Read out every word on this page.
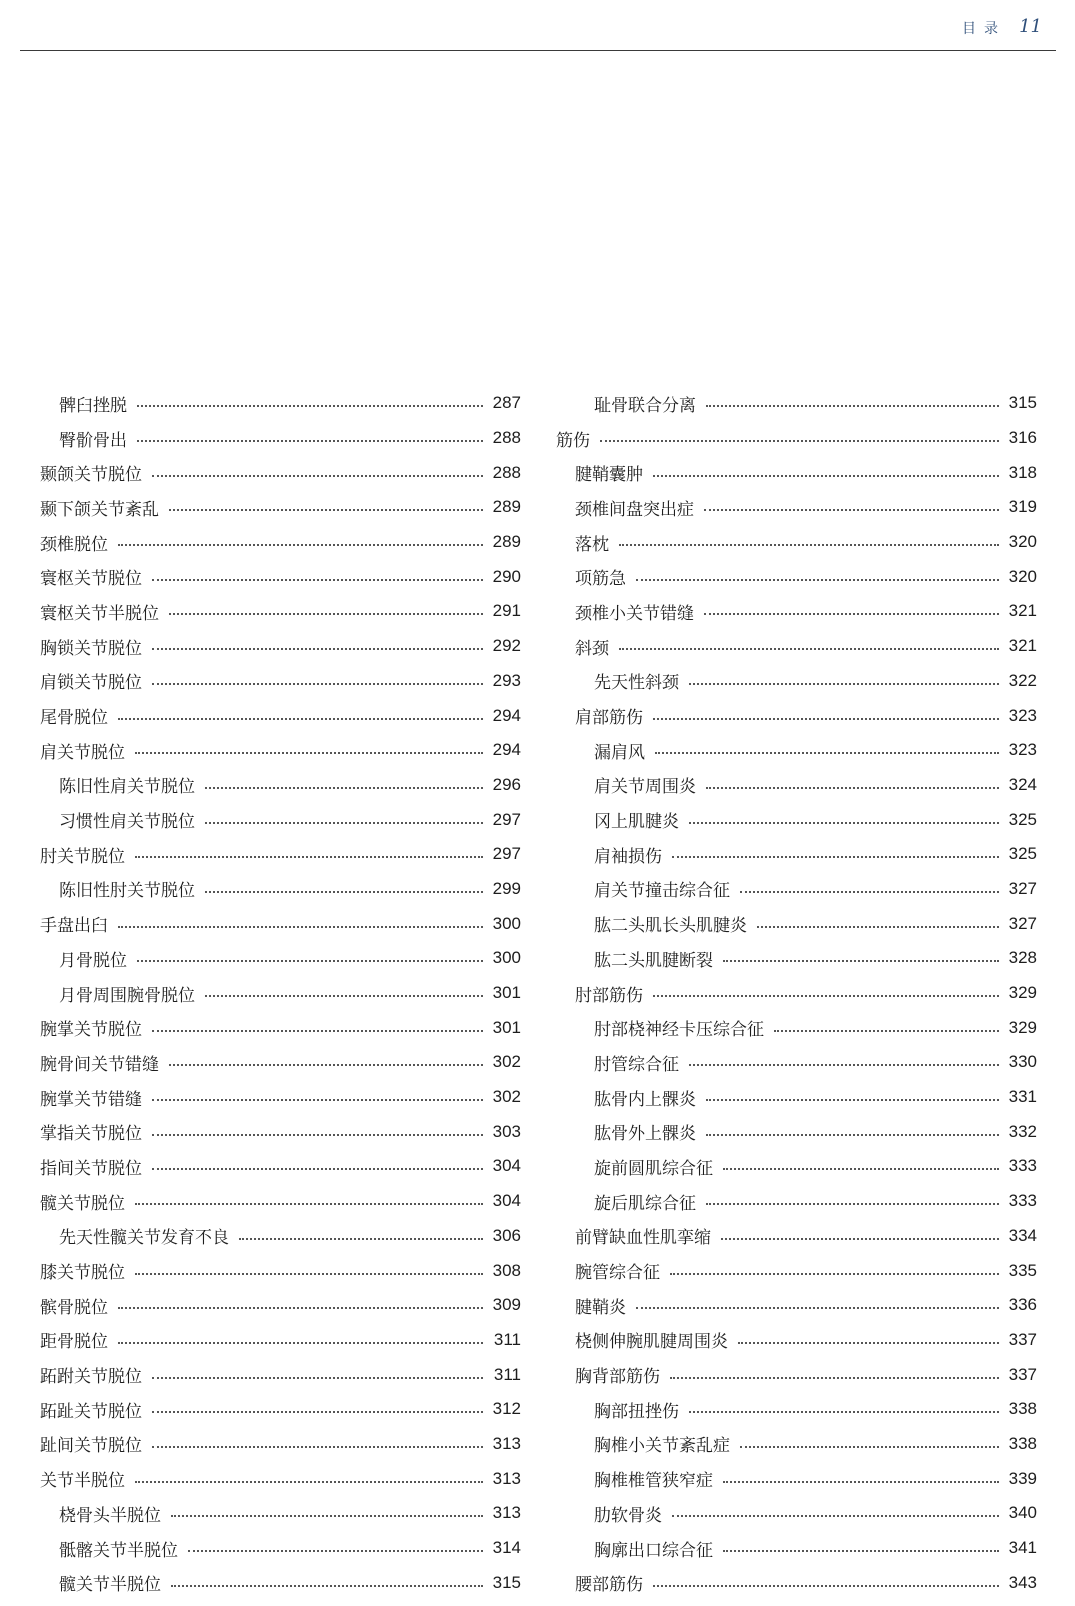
目录 11
髀臼挫脱	287
臀骱骨出	288
颞颌关节脱位	288
颞下颌关节紊乱	289
颈椎脱位	289
寰枢关节脱位	290
寰枢关节半脱位	291
胸锁关节脱位	292
肩锁关节脱位	293
尾骨脱位	294
肩关节脱位	294
陈旧性肩关节脱位	296
习惯性肩关节脱位	297
肘关节脱位	297
陈旧性肘关节脱位	299
手盘出臼	300
月骨脱位	300
月骨周围腕骨脱位	301
腕掌关节脱位	301
腕骨间关节错缝	302
腕掌关节错缝	302
掌指关节脱位	303
指间关节脱位	304
髋关节脱位	304
先天性髋关节发育不良	306
膝关节脱位	308
髌骨脱位	309
距骨脱位	311
跖跗关节脱位	311
跖趾关节脱位	312
趾间关节脱位	313
关节半脱位	313
桡骨头半脱位	313
骶髂关节半脱位	314
髋关节半脱位	315
耻骨联合分离	315
筋伤	316
腱鞘囊肿	318
颈椎间盘突出症	319
落枕	320
项筋急	320
颈椎小关节错缝	321
斜颈	321
先天性斜颈	322
肩部筋伤	323
漏肩风	323
肩关节周围炎	324
冈上肌腱炎	325
肩袖损伤	325
肩关节撞击综合征	327
肱二头肌长头肌腱炎	327
肱二头肌腱断裂	328
肘部筋伤	329
肘部桡神经卡压综合征	329
肘管综合征	330
肱骨内上髁炎	331
肱骨外上髁炎	332
旋前圆肌综合征	333
旋后肌综合征	333
前臂缺血性肌挛缩	334
腕管综合征	335
腱鞘炎	336
桡侧伸腕肌腱周围炎	337
胸背部筋伤	337
胸部扭挫伤	338
胸椎小关节紊乱症	338
胸椎椎管狭窄症	339
肋软骨炎	340
胸廓出口综合征	341
腰部筋伤	343
